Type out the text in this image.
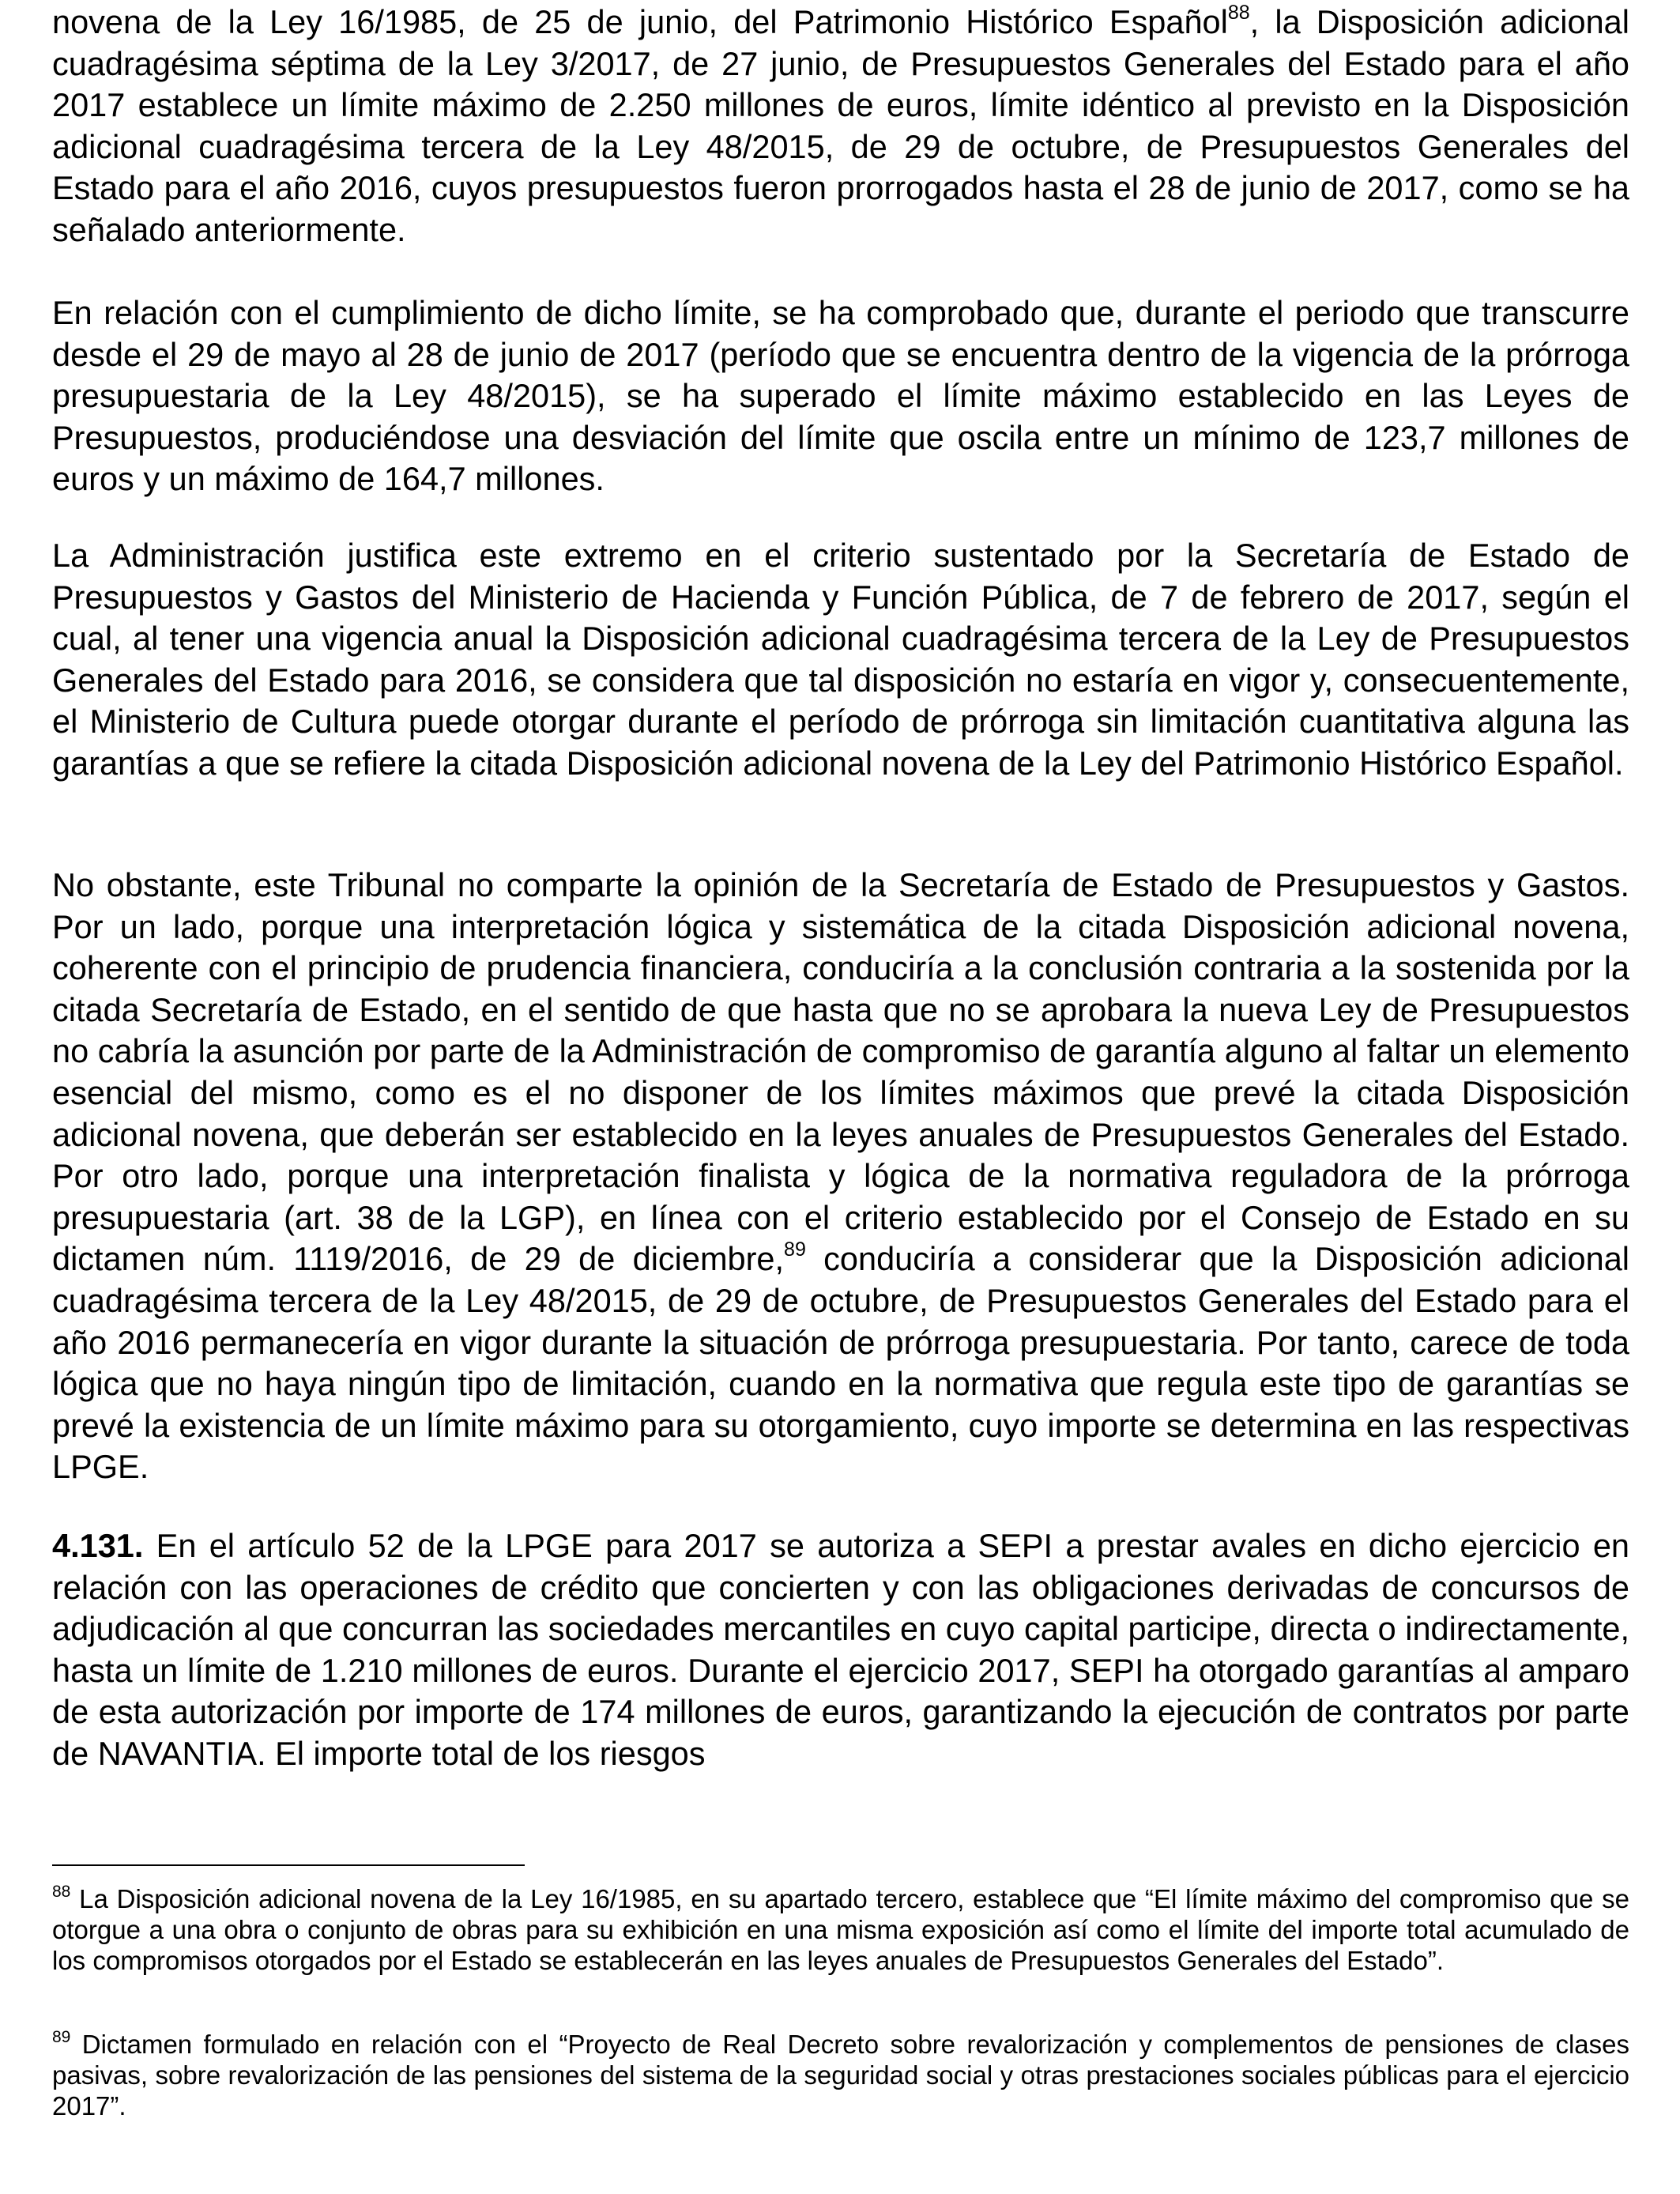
novena de la Ley 16/1985, de 25 de junio, del Patrimonio Histórico Español$^{88}$, la Disposición adicional cuadragésima séptima de la Ley 3/2017, de 27 junio, de Presupuestos Generales del Estado para el año 2017 establece un límite máximo de 2.250 millones de euros, límite idéntico al previsto en la Disposición adicional cuadragésima tercera de la Ley 48/2015, de 29 de octubre, de Presupuestos Generales del Estado para el año 2016, cuyos presupuestos fueron prorrogados hasta el 28 de junio de 2017, como se ha señalado anteriormente.

En relación con el cumplimiento de dicho límite, se ha comprobado que, durante el periodo que transcurre desde el 29 de mayo al 28 de junio de 2017 (período que se encuentra dentro de la vigencia de la prórroga presupuestaria de la Ley 48/2015), se ha superado el límite máximo establecido en las Leyes de Presupuestos, produciéndose una desviación del límite que oscila entre un mínimo de 123,7 millones de euros y un máximo de 164,7 millones.

La Administración justifica este extremo en el criterio sustentado por la Secretaría de Estado de Presupuestos y Gastos del Ministerio de Hacienda y Función Pública, de 7 de febrero de 2017, según el cual, al tener una vigencia anual la Disposición adicional cuadragésima tercera de la Ley de Presupuestos Generales del Estado para 2016, se considera que tal disposición no estaría en vigor y, consecuentemente, el Ministerio de Cultura puede otorgar durante el período de prórroga sin limitación cuantitativa alguna las garantías a que se refiere la citada Disposición adicional novena de la Ley del Patrimonio Histórico Español.

No obstante, este Tribunal no comparte la opinión de la Secretaría de Estado de Presupuestos y Gastos. Por un lado, porque una interpretación lógica y sistemática de la citada Disposición adicional novena, coherente con el principio de prudencia financiera, conduciría a la conclusión contraria a la sostenida por la citada Secretaría de Estado, en el sentido de que hasta que no se aprobara la nueva Ley de Presupuestos no cabría la asunción por parte de la Administración de compromiso de garantía alguno al faltar un elemento esencial del mismo, como es el no disponer de los límites máximos que prevé la citada Disposición adicional novena, que deberán ser establecido en la leyes anuales de Presupuestos Generales del Estado. Por otro lado, porque una interpretación finalista y lógica de la normativa reguladora de la prórroga presupuestaria (art. 38 de la LGP), en línea con el criterio establecido por el Consejo de Estado en su dictamen núm. 1119/2016, de 29 de diciembre,$^{89}$ conduciría a considerar que la Disposición adicional cuadragésima tercera de la Ley 48/2015, de 29 de octubre, de Presupuestos Generales del Estado para el año 2016 permanecería en vigor durante la situación de prórroga presupuestaria. Por tanto, carece de toda lógica que no haya ningún tipo de limitación, cuando en la normativa que regula este tipo de garantías se prevé la existencia de un límite máximo para su otorgamiento, cuyo importe se determina en las respectivas LPGE.

4.131. En el artículo 52 de la LPGE para 2017 se autoriza a SEPI a prestar avales en dicho ejercicio en relación con las operaciones de crédito que concierten y con las obligaciones derivadas de concursos de adjudicación al que concurran las sociedades mercantiles en cuyo capital participe, directa o indirectamente, hasta un límite de 1.210 millones de euros. Durante el ejercicio 2017, SEPI ha otorgado garantías al amparo de esta autorización por importe de 174 millones de euros, garantizando la ejecución de contratos por parte de NAVANTIA. El importe total de los riesgos

$^{88}$ La Disposición adicional novena de la Ley 16/1985, en su apartado tercero, establece que “El límite máximo del compromiso que se otorgue a una obra o conjunto de obras para su exhibición en una misma exposición así como el límite del importe total acumulado de los compromisos otorgados por el Estado se establecerán en las leyes anuales de Presupuestos Generales del Estado”.

$^{89}$ Dictamen formulado en relación con el “Proyecto de Real Decreto sobre revalorización y complementos de pensiones de clases pasivas, sobre revalorización de las pensiones del sistema de la seguridad social y otras prestaciones sociales públicas para el ejercicio 2017”.
